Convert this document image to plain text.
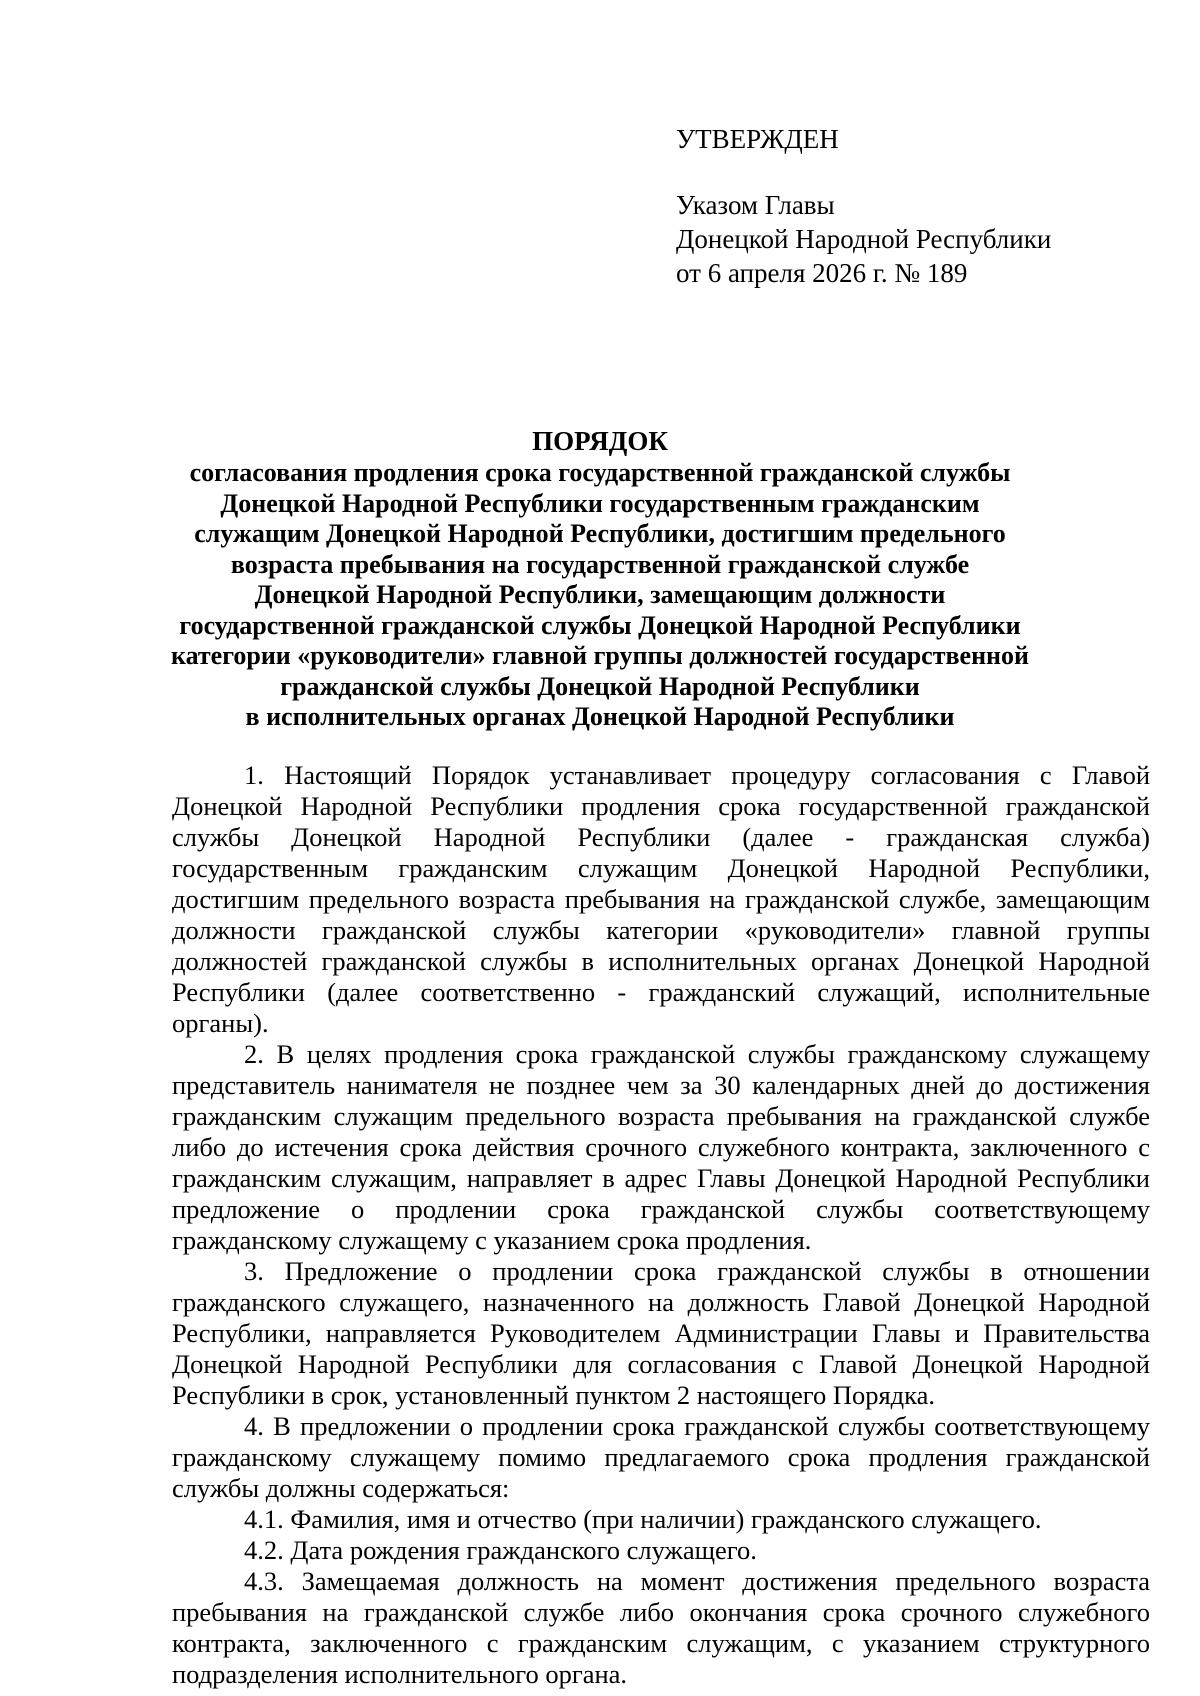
УТВЕРЖДЕН
Указом Главы
Донецкой Народной Республики
от 6 апреля 2026 г. № 189
ПОРЯДОК
согласования продления срока государственной гражданской службы
Донецкой Народной Республики государственным гражданским
служащим Донецкой Народной Республики, достигшим предельного
возраста пребывания на государственной гражданской службе
Донецкой Народной Республики, замещающим должности
государственной гражданской службы Донецкой Народной Республики
категории «руководители» главной группы должностей государственной
гражданской службы Донецкой Народной Республики
в исполнительных органах Донецкой Народной Республики

1. Настоящий Порядок устанавливает процедуру согласования с Главой Донецкой Народной Республики продления срока государственной гражданской службы Донецкой Народной Республики (далее - гражданская служба) государственным гражданским служащим Донецкой Народной Республики, достигшим предельного возраста пребывания на гражданской службе, замещающим должности гражданской службы категории «руководители» главной группы должностей гражданской службы в исполнительных органах Донецкой Народной Республики (далее соответственно - гражданский служащий, исполнительные органы).

2. В целях продления срока гражданской службы гражданскому служащему представитель нанимателя не позднее чем за 30 календарных дней до достижения гражданским служащим предельного возраста пребывания на гражданской службе либо до истечения срока действия срочного служебного контракта, заключенного с гражданским служащим, направляет в адрес Главы Донецкой Народной Республики предложение о продлении срока гражданской службы соответствующему гражданскому служащему с указанием срока продления.

3. Предложение о продлении срока гражданской службы в отношении гражданского служащего, назначенного на должность Главой Донецкой Народной Республики, направляется Руководителем Администрации Главы и Правительства Донецкой Народной Республики для согласования с Главой Донецкой Народной Республики в срок, установленный пунктом 2 настоящего Порядка.

4. В предложении о продлении срока гражданской службы соответствующему гражданскому служащему помимо предлагаемого срока продления гражданской службы должны содержаться:

4.1. Фамилия, имя и отчество (при наличии) гражданского служащего.

4.2. Дата рождения гражданского служащего.

4.3. Замещаемая должность на момент достижения предельного возраста пребывания на гражданской службе либо окончания срока срочного служебного контракта, заключенного с гражданским служащим, с указанием структурного подразделения исполнительного органа.
